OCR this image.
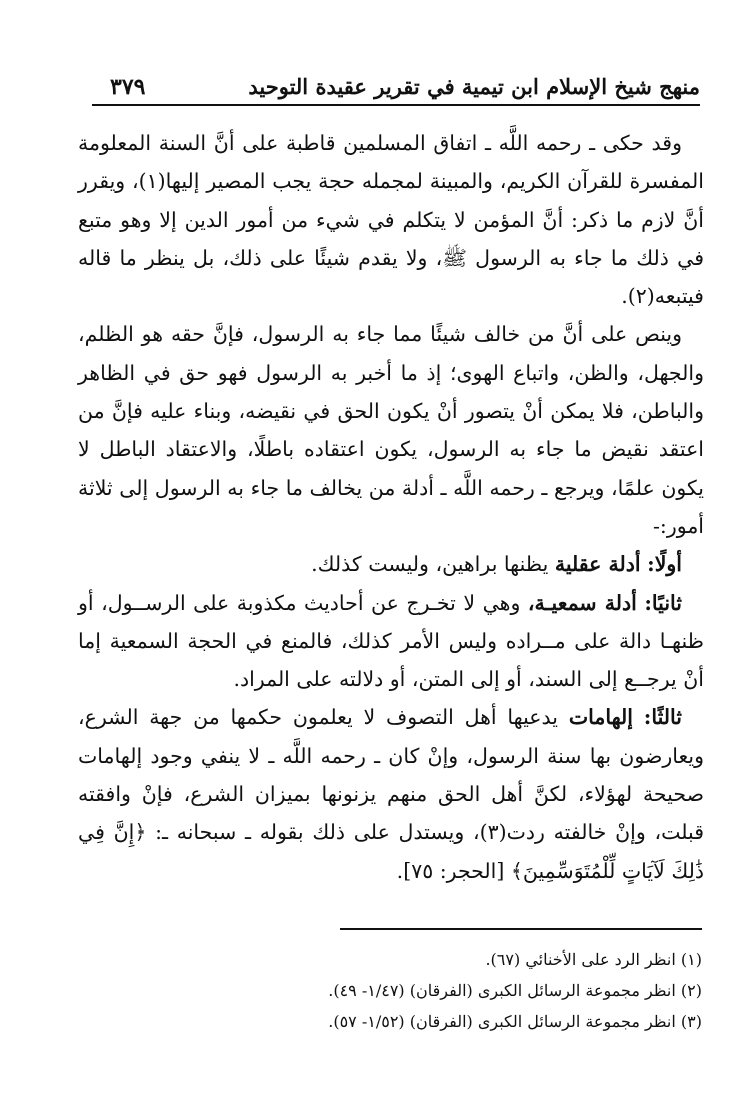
منهج شيخ الإسلام ابن تيمية في تقرير عقيدة التوحيد
٣٧٩

وقد حكى ـ رحمه اللَّه ـ اتفاق المسلمين قاطبة على أنَّ السنة المعلومة المفسرة للقرآن الكريم، والمبينة لمجمله حجة يجب المصير إليها(١)، ويقرر أنَّ لازم ما ذكر: أنَّ المؤمن لا يتكلم في شيء من أمور الدين إلا وهو متبع في ذلك ما جاء به الرسول ﷺ، ولا يقدم شيئًا على ذلك، بل ينظر ما قاله فيتبعه(٢).

وينص على أنَّ من خالف شيئًا مما جاء به الرسول، فإنَّ حقه هو الظلم، والجهل، والظن، واتباع الهوى؛ إذ ما أخبر به الرسول فهو حق في الظاهر والباطن، فلا يمكن أنْ يتصور أنْ يكون الحق في نقيضه، وبناء عليه فإنَّ من اعتقد نقيض ما جاء به الرسول، يكون اعتقاده باطلًا، والاعتقاد الباطل لا يكون علمًا، ويرجع ـ رحمه اللَّه ـ أدلة من يخالف ما جاء به الرسول إلى ثلاثة أمور:-

أولًا: أدلة عقلية يظنها براهين، وليست كذلك.

ثانيًا: أدلة سمعيـة، وهي لا تخـرج عن أحاديث مكذوبة على الرســول، أو ظنهـا دالة على مــراده وليس الأمر كذلك، فالمنع في الحجة السمعية إما أنْ يرجــع إلى السند، أو إلى المتن، أو دلالته على المراد.

ثالثًا: إلهامات يدعيها أهل التصوف لا يعلمون حكمها من جهة الشرع، ويعارضون بها سنة الرسول، وإنْ كان ـ رحمه اللَّه ـ لا ينفي وجود إلهامات صحيحة لهؤلاء، لكنَّ أهل الحق منهم يزنونها بميزان الشرع، فإنْ وافقته قبلت، وإنْ خالفته ردت(٣)، ويستدل على ذلك بقوله ـ سبحانه ـ: ﴿إِنَّ فِي ذَٰلِكَ لَآيَاتٍ لِّلْمُتَوَسِّمِينَ﴾ [الحجر: ٧٥].

(١) انظر الرد على الأخنائي (٦٧).
(٢) انظر مجموعة الرسائل الكبرى (الفرقان) (١/٤٧- ٤٩).
(٣) انظر مجموعة الرسائل الكبرى (الفرقان) (١/٥٢- ٥٧).
